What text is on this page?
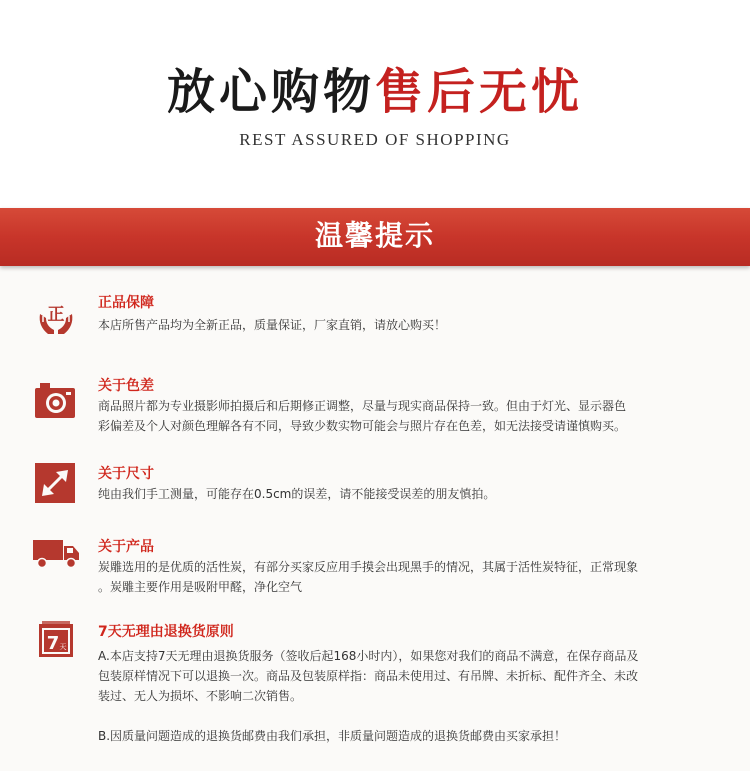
放心购物售后无忧
REST ASSURED OF SHOPPING
温馨提示
正
正品保障

本店所售产品均为全新正品，质量保证，厂家直销，请放心购买！

关于色差

商品照片都为专业摄影师拍摄后和后期修正调整，尽量与现实商品保持一致。但由于灯光、显示器色

彩偏差及个人对颜色理解各有不同，导致少数实物可能会与照片存在色差，如无法接受请谨慎购买。

关于尺寸

纯由我们手工测量，可能存在0.5cm的误差，请不能接受误差的朋友慎拍。

关于产品

炭雕选用的是优质的活性炭，有部分买家反应用手摸会出现黑手的情况，其属于活性炭特征，正常现象

。炭雕主要作用是吸附甲醛，净化空气

7 天
7天无理由退换货原则

A.本店支持7天无理由退换货服务（签收后起168小时内），如果您对我们的商品不满意，在保存商品及

包装原样情况下可以退换一次。商品及包装原样指：商品未使用过、有吊牌、未折标、配件齐全、未改

装过、无人为损坏、不影响二次销售。

B.因质量问题造成的退换货邮费由我们承担，非质量问题造成的退换货邮费由买家承担！
